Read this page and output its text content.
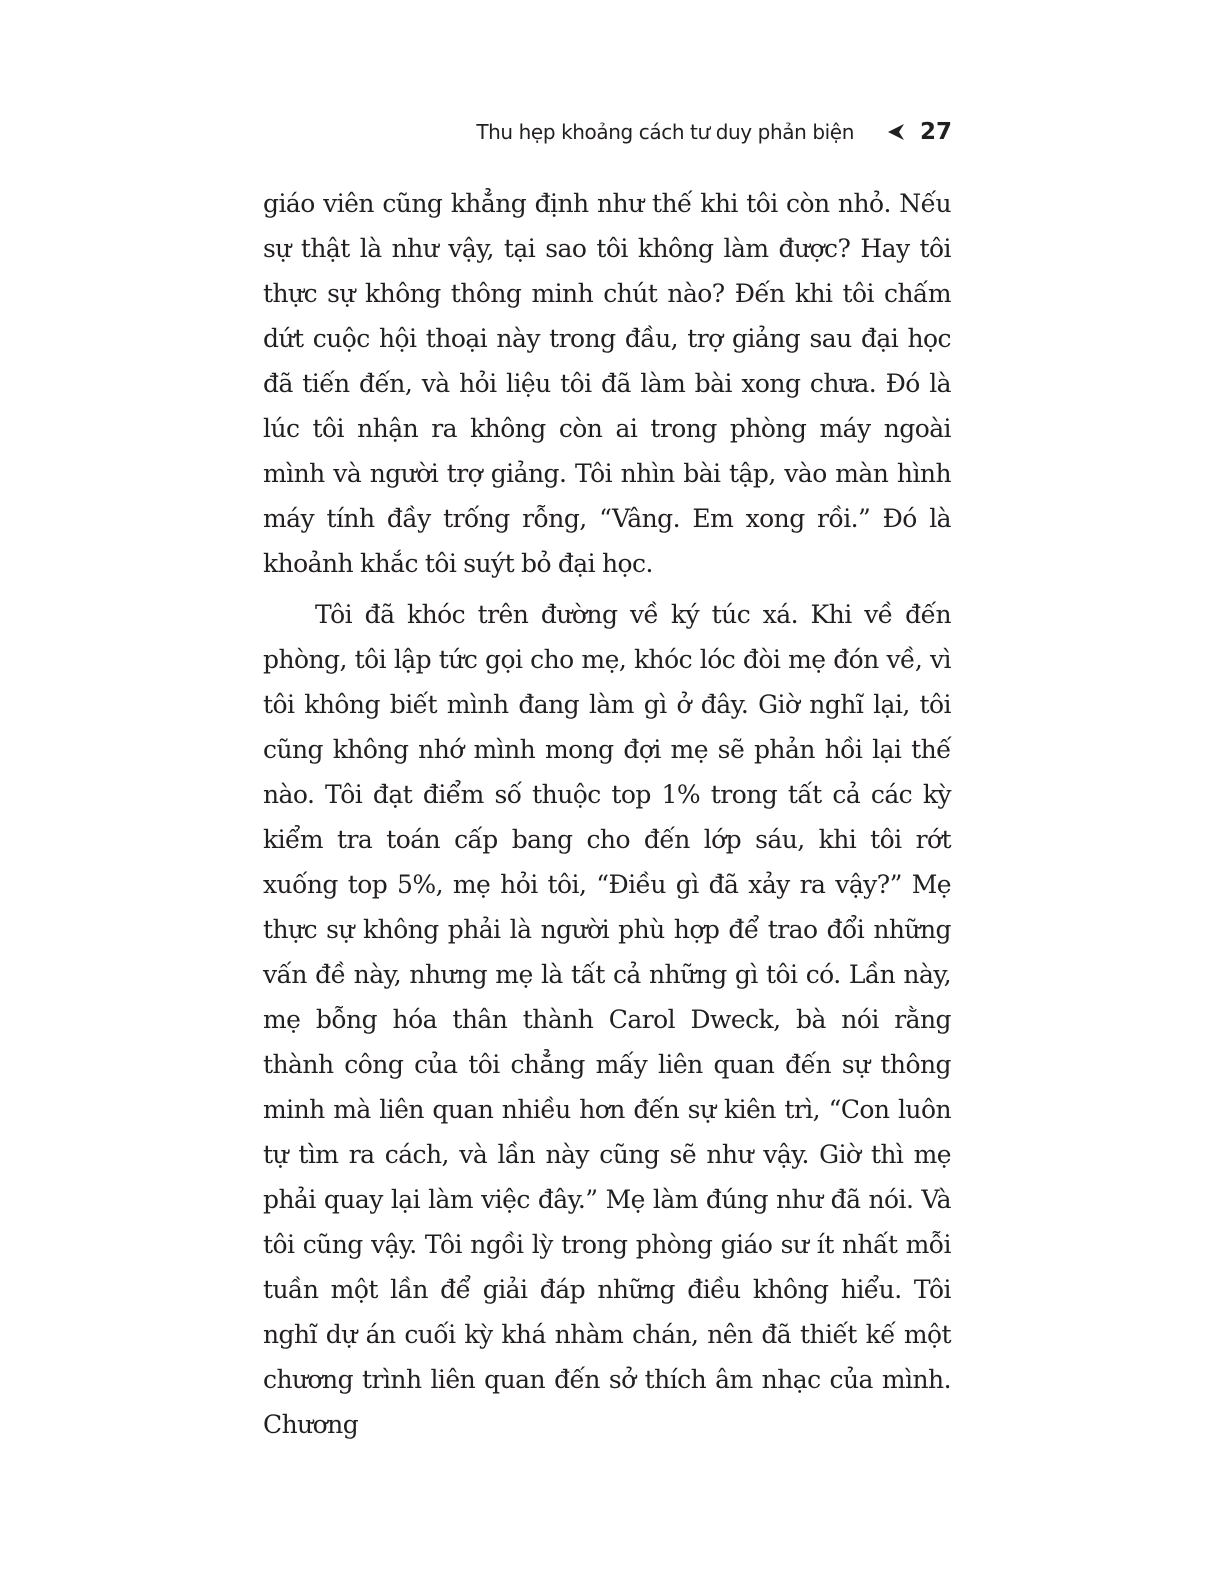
Thu hẹp khoảng cách tư duy phản biện	27

giáo viên cũng khẳng định như thế khi tôi còn nhỏ. Nếu sự thật là như vậy, tại sao tôi không làm được? Hay tôi thực sự không thông minh chút nào? Đến khi tôi chấm dứt cuộc hội thoại này trong đầu, trợ giảng sau đại học đã tiến đến, và hỏi liệu tôi đã làm bài xong chưa. Đó là lúc tôi nhận ra không còn ai trong phòng máy ngoài mình và người trợ giảng. Tôi nhìn bài tập, vào màn hình máy tính đầy trống rỗng, “Vâng. Em xong rồi.” Đó là khoảnh khắc tôi suýt bỏ đại học.

Tôi đã khóc trên đường về ký túc xá. Khi về đến phòng, tôi lập tức gọi cho mẹ, khóc lóc đòi mẹ đón về, vì tôi không biết mình đang làm gì ở đây. Giờ nghĩ lại, tôi cũng không nhớ mình mong đợi mẹ sẽ phản hồi lại thế nào. Tôi đạt điểm số thuộc top 1% trong tất cả các kỳ kiểm tra toán cấp bang cho đến lớp sáu, khi tôi rớt xuống top 5%, mẹ hỏi tôi, “Điều gì đã xảy ra vậy?” Mẹ thực sự không phải là người phù hợp để trao đổi những vấn đề này, nhưng mẹ là tất cả những gì tôi có. Lần này, mẹ bỗng hóa thân thành Carol Dweck, bà nói rằng thành công của tôi chẳng mấy liên quan đến sự thông minh mà liên quan nhiều hơn đến sự kiên trì, “Con luôn tự tìm ra cách, và lần này cũng sẽ như vậy. Giờ thì mẹ phải quay lại làm việc đây.” Mẹ làm đúng như đã nói. Và tôi cũng vậy. Tôi ngồi lỳ trong phòng giáo sư ít nhất mỗi tuần một lần để giải đáp những điều không hiểu. Tôi nghĩ dự án cuối kỳ khá nhàm chán, nên đã thiết kế một chương trình liên quan đến sở thích âm nhạc của mình. Chương
